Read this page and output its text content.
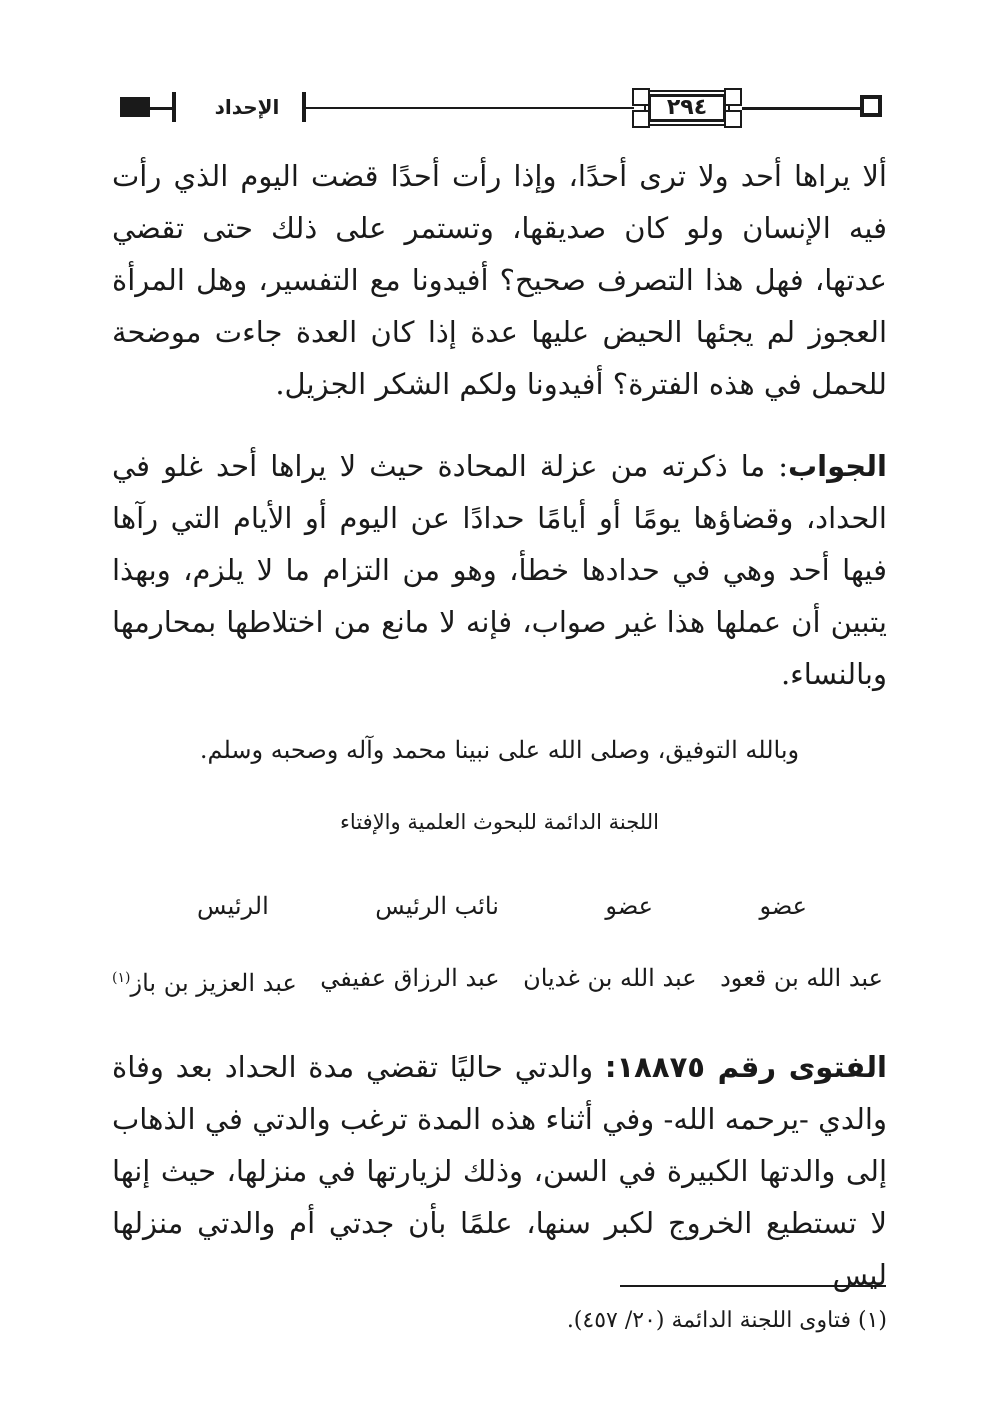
الإحداد	٢٩٤

ألا يراها أحد ولا ترى أحدًا، وإذا رأت أحدًا قضت اليوم الذي رأت فيه الإنسان ولو كان صديقها، وتستمر على ذلك حتى تقضي عدتها، فهل هذا التصرف صحيح؟ أفيدونا مع التفسير، وهل المرأة العجوز لم يجئها الحيض عليها عدة إذا كان العدة جاءت موضحة للحمل في هذه الفترة؟ أفيدونا ولكم الشكر الجزيل.

الجواب: ما ذكرته من عزلة المحادة حيث لا يراها أحد غلو في الحداد، وقضاؤها يومًا أو أيامًا حدادًا عن اليوم أو الأيام التي رآها فيها أحد وهي في حدادها خطأ، وهو من التزام ما لا يلزم، وبهذا يتبين أن عملها هذا غير صواب، فإنه لا مانع من اختلاطها بمحارمها وبالنساء.

وبالله التوفيق، وصلى الله على نبينا محمد وآله وصحبه وسلم.

اللجنة الدائمة للبحوث العلمية والإفتاء

عضو
عضو
نائب الرئيس
الرئيس
عبد الله بن قعود
عبد الله بن غديان
عبد الرزاق عفيفي
عبد العزيز بن باز$^{(١)}$

الفتوى رقم ١٨٨٧٥: والدتي حاليًا تقضي مدة الحداد بعد وفاة والدي -يرحمه الله- وفي أثناء هذه المدة ترغب والدتي في الذهاب إلى والدتها الكبيرة في السن، وذلك لزيارتها في منزلها، حيث إنها لا تستطيع الخروج لكبر سنها، علمًا بأن جدتي أم والدتي منزلها ليس

(١) فتاوى اللجنة الدائمة (٢٠/ ٤٥٧).
